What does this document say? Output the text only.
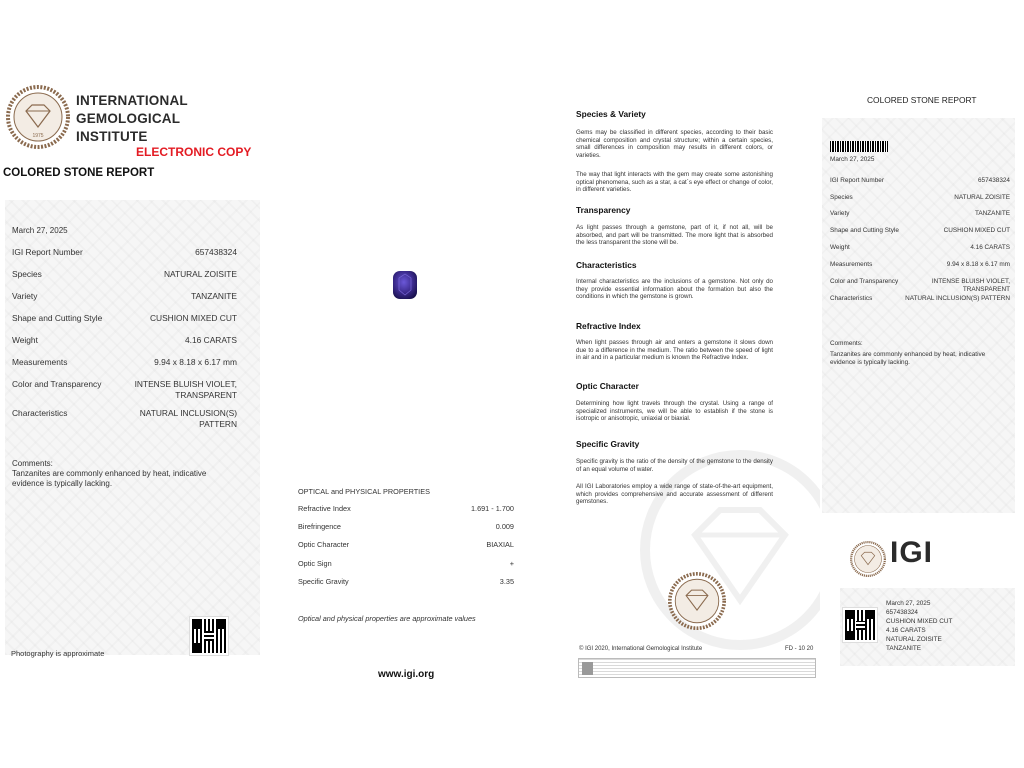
1975
INTERNATIONAL
GEMOLOGICAL
INSTITUTE
ELECTRONIC COPY
COLORED STONE REPORT
March 27, 2025
IGI Report Number	657438324
Species	NATURAL ZOISITE
Variety	TANZANITE
Shape and Cutting Style	CUSHION MIXED CUT
Weight	4.16 CARATS
Measurements	9.94 x 8.18 x 6.17 mm
Color and Transparency	INTENSE BLUISH VIOLET,
TRANSPARENT
Characteristics	NATURAL INCLUSION(S)
PATTERN
Comments:
Tanzanites are commonly enhanced by heat, indicative
evidence is typically lacking.
Photography is approximate
OPTICAL and PHYSICAL PROPERTIES
Refractive Index	1.691 - 1.700
Birefringence	0.009
Optic Character	BIAXIAL
Optic Sign	+
Specific Gravity	3.35
Optical and physical properties are approximate values
www.igi.org
Species & Variety
Gems may be classified in different species, according to their basic chemical composition and crystal structure; within a certain species, small differences in composition may results in different colors, or varieties.
The way that light interacts with the gem may create some astonishing optical phenomena, such as a star, a cat´s eye effect or change of color, in different varieties.
Transparency
As light passes through a gemstone, part of it, if not all, will be absorbed, and part will be transmitted. The more light that is absorbed the less transparent the stone will be.
Characteristics
Internal characteristics are the inclusions of a gemstone. Not only do they provide essential information about the formation but also the conditions in which the gemstone is grown.
Refractive Index
When light passes through air and enters a gemstone it slows down due to a difference in the medium. The ratio between the speed of light in air and in a particular medium is known the Refractive Index.
Optic Character
Determining how light travels through the crystal. Using a range of specialized instruments, we will be able to establish if the stone is isotropic or anisotropic, uniaxial or biaxial.
Specific Gravity
Specific gravity is the ratio of the density of the gemstone to the density of an equal volume of water.
All IGI Laboratories employ a wide range of state-of-the-art equipment, which provides comprehensive and accurate assessment of different gemstones.
© IGI 2020, International Gemological Institute	FD - 10 20
COLORED STONE REPORT
March 27, 2025
IGI Report Number	657438324
Species	NATURAL ZOISITE
Variety	TANZANITE
Shape and Cutting Style	CUSHION MIXED CUT
Weight	4.16 CARATS
Measurements	9.94 x 8.18 x 6.17 mm
Color and Transparency	INTENSE BLUISH VIOLET,
TRANSPARENT
Characteristics	NATURAL INCLUSION(S) PATTERN
Comments:
Tanzanites are commonly enhanced by heat, indicative
evidence is typically lacking.
IGI
March 27, 2025
657438324
CUSHION MIXED CUT
4.16 CARATS
NATURAL ZOISITE
TANZANITE
